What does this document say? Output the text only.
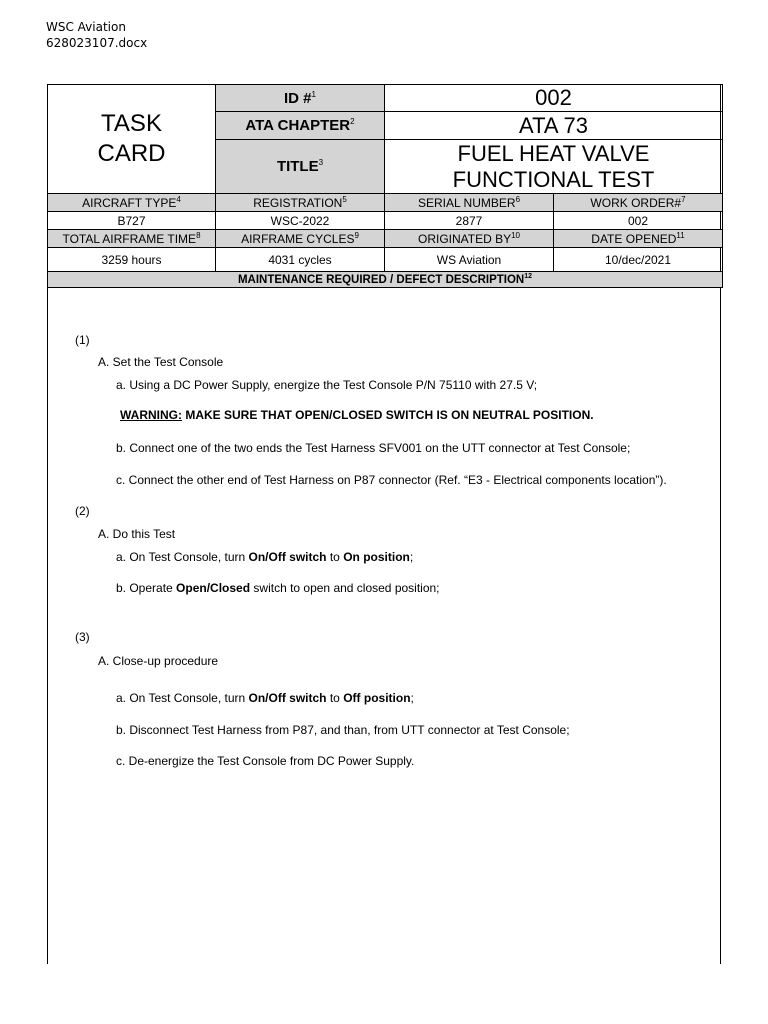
WSC Aviation
628023107.docx
TASK
CARD	ID #$^1$	002	
	ATA CHAPTER$^2$	ATA 73	
	TITLE$^3$	FUEL HEAT VALVE
FUNCTIONAL TEST	

AIRCRAFT TYPE$^4$	REGISTRATION$^5$	SERIAL NUMBER$^6$	WORK ORDER#$^7$
B727	WSC-2022	2877	002
TOTAL AIRFRAME TIME$^8$	AIRFRAME CYCLES$^9$	ORIGINATED BY$^{10}$	DATE OPENED$^{11}$
3259 hours	4031 cycles	WS Aviation	10/dec/2021
MAINTENANCE REQUIRED / DEFECT DESCRIPTION$^{12}$
(1)
A. Set the Test Console
a. Using a DC Power Supply, energize the Test Console P/N 75110 with 27.5 V;
WARNING: MAKE SURE THAT OPEN/CLOSED SWITCH IS ON NEUTRAL POSITION.
b. Connect one of the two ends the Test Harness SFV001 on the UTT connector at Test Console;
c. Connect the other end of Test Harness on P87 connector (Ref. “E3 - Electrical components location”).
(2)
A. Do this Test
a. On Test Console, turn On/Off switch to On position;
b. Operate Open/Closed switch to open and closed position;
(3)
A. Close-up procedure
a. On Test Console, turn On/Off switch to Off position;
b. Disconnect Test Harness from P87, and than, from UTT connector at Test Console;
c. De-energize the Test Console from DC Power Supply.
